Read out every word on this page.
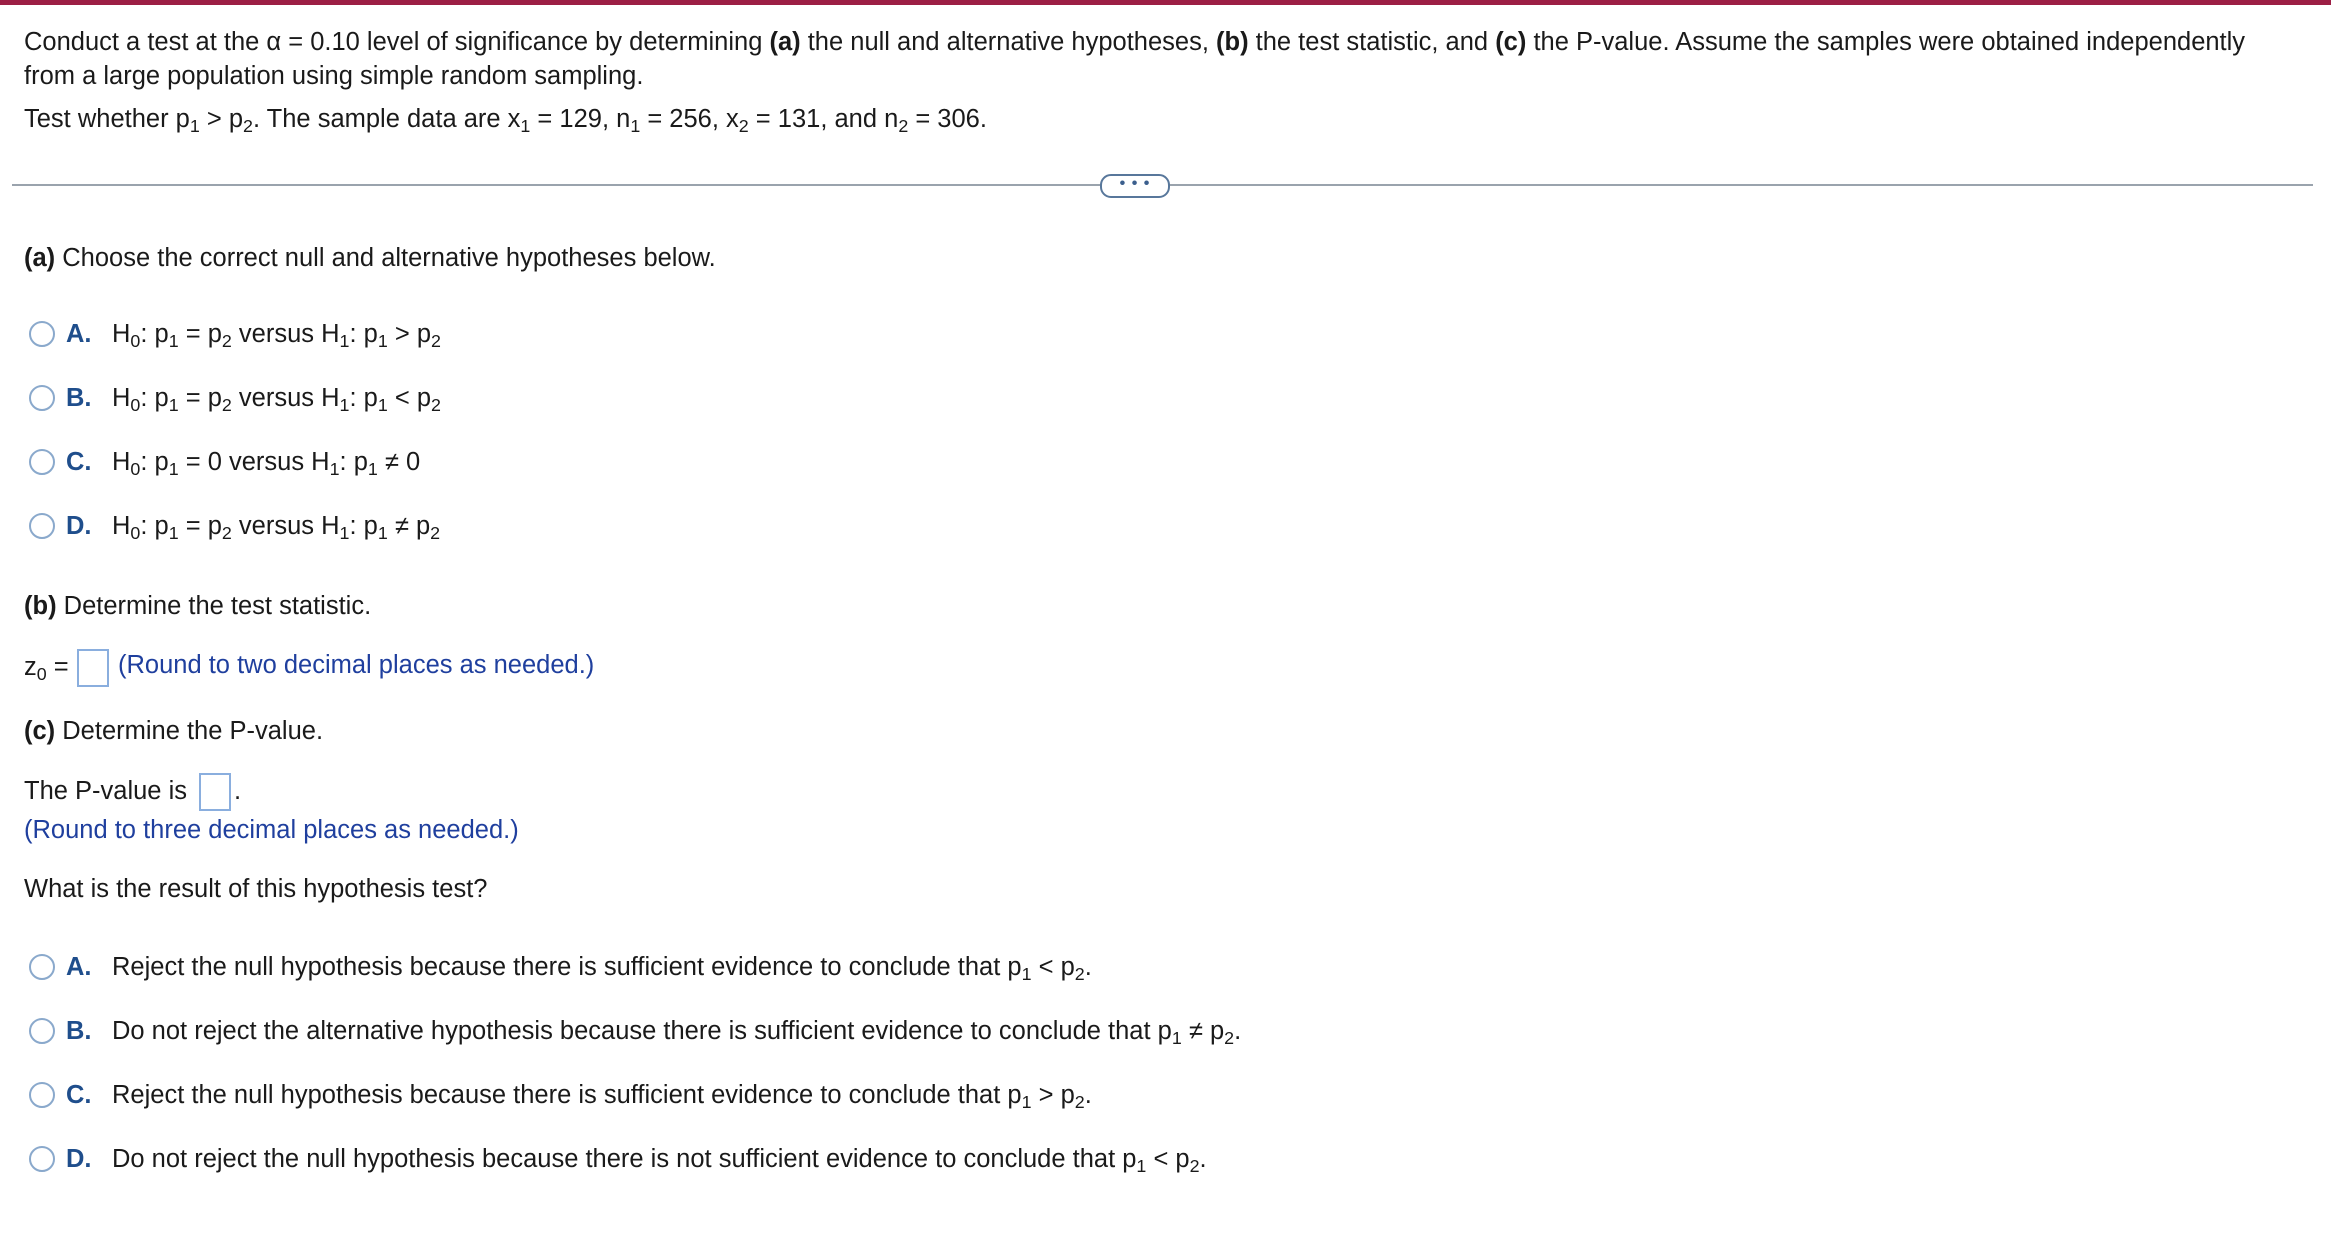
Conduct a test at the α = 0.10 level of significance by determining (a) the null and alternative hypotheses, (b) the test statistic, and (c) the P-value. Assume the samples were obtained independently
from a large population using simple random sampling.
Test whether $p_1 > p_2$. The sample data are $x_1 = 129$, $n_1 = 256$, $x_2 = 131$, and $n_2 = 306$.
• • •
(a) Choose the correct null and alternative hypotheses below.
A. $H_0$: $p_1 = p_2$ versus $H_1$: $p_1 > p_2$
B. $H_0$: $p_1 = p_2$ versus $H_1$: $p_1 < p_2$
C. $H_0$: $p_1 = 0$ versus $H_1$: $p_1 \ne 0$
D. $H_0$: $p_1 = p_2$ versus $H_1$: $p_1 \ne p_2$
(b) Determine the test statistic.
$z_0$ = (Round to two decimal places as needed.)
(c) Determine the P-value.
The P-value is .
(Round to three decimal places as needed.)
What is the result of this hypothesis test?
A. Reject the null hypothesis because there is sufficient evidence to conclude that $p_1 < p_2$.
B. Do not reject the alternative hypothesis because there is sufficient evidence to conclude that $p_1 \ne p_2$.
C. Reject the null hypothesis because there is sufficient evidence to conclude that $p_1 > p_2$.
D. Do not reject the null hypothesis because there is not sufficient evidence to conclude that $p_1 < p_2$.
